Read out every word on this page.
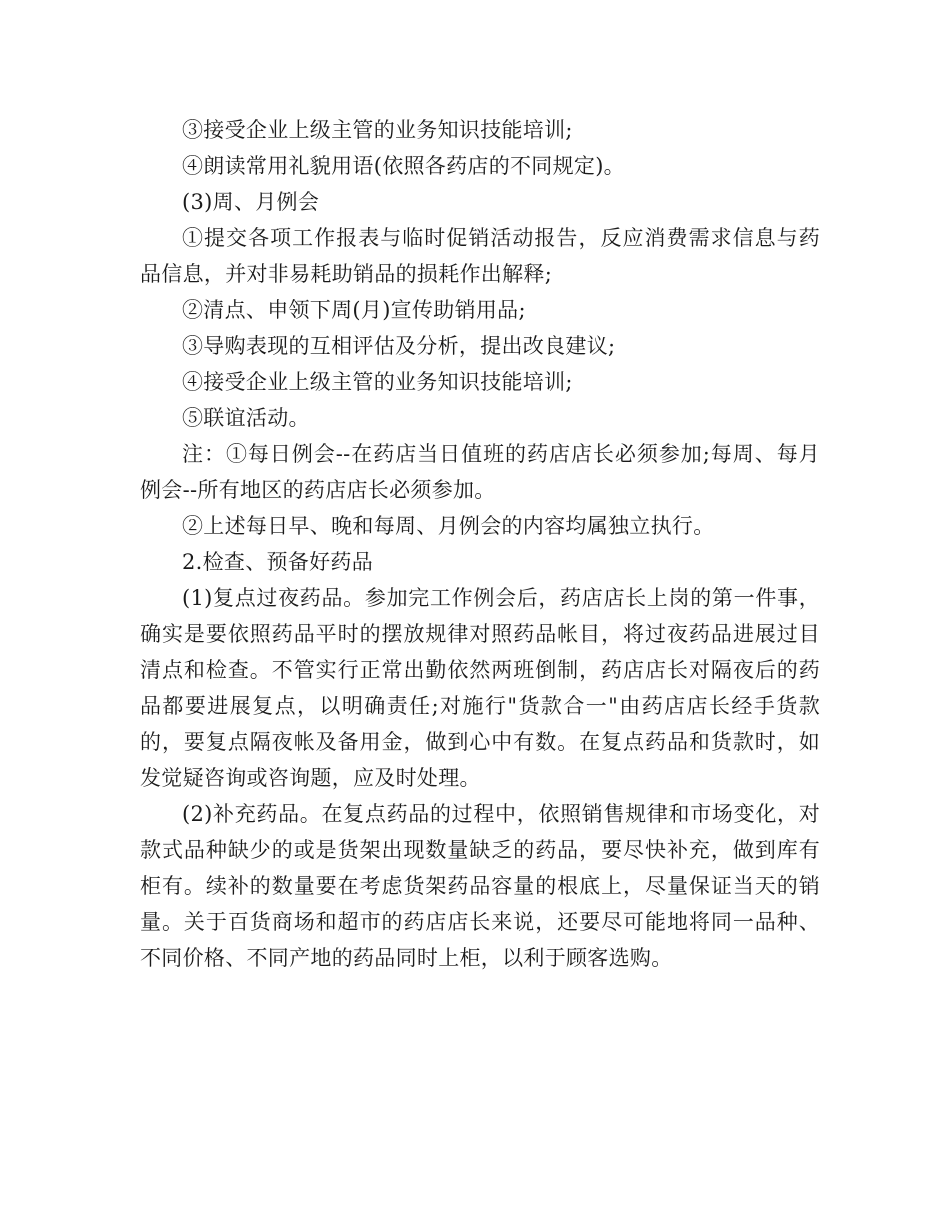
③接受企业上级主管的业务知识技能培训;

④朗读常用礼貌用语(依照各药店的不同规定)。

(3)周、月例会

①提交各项工作报表与临时促销活动报告，反应消费需求信息与药品信息，并对非易耗助销品的损耗作出解释;

②清点、申领下周(月)宣传助销用品;

③导购表现的互相评估及分析，提出改良建议;

④接受企业上级主管的业务知识技能培训;

⑤联谊活动。

注：①每日例会--在药店当日值班的药店店长必须参加;每周、每月例会--所有地区的药店店长必须参加。

②上述每日早、晚和每周、月例会的内容均属独立执行。

2.检查、预备好药品

(1)复点过夜药品。参加完工作例会后，药店店长上岗的第一件事，确实是要依照药品平时的摆放规律对照药品帐目，将过夜药品进展过目清点和检查。不管实行正常出勤依然两班倒制，药店店长对隔夜后的药品都要进展复点，以明确责任;对施行"货款合一"由药店店长经手货款的，要复点隔夜帐及备用金，做到心中有数。在复点药品和货款时，如发觉疑咨询或咨询题，应及时处理。

(2)补充药品。在复点药品的过程中，依照销售规律和市场变化，对款式品种缺少的或是货架出现数量缺乏的药品，要尽快补充，做到库有柜有。续补的数量要在考虑货架药品容量的根底上，尽量保证当天的销量。关于百货商场和超市的药店店长来说，还要尽可能地将同一品种、不同价格、不同产地的药品同时上柜，以利于顾客选购。
